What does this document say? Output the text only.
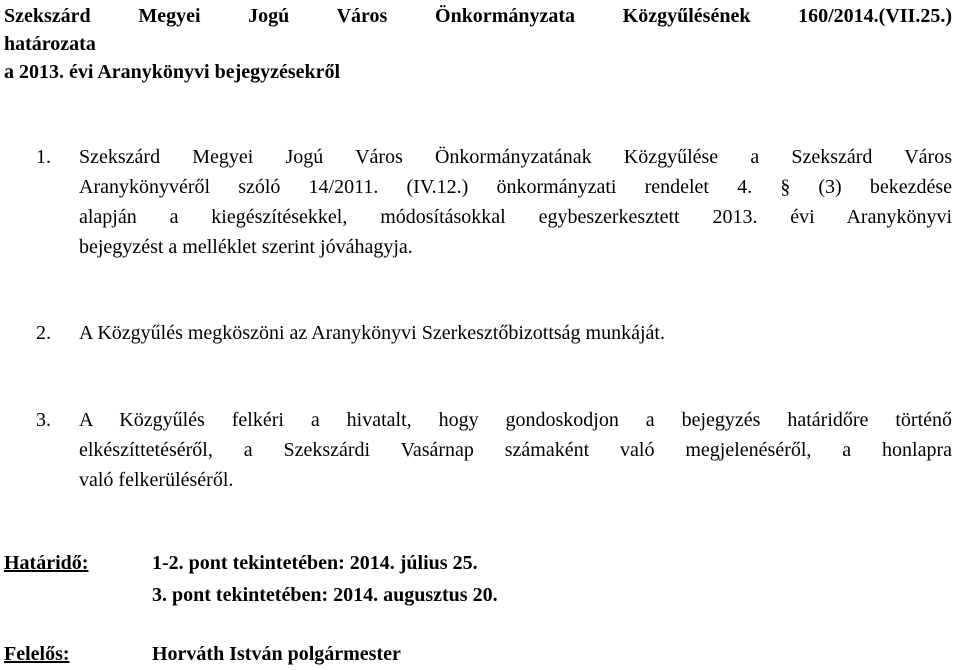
Szekszárd Megyei Jogú Város Önkormányzata Közgyűlésének 160/2014.(VII.25.)
határozata
a 2013. évi Aranykönyvi bejegyzésekről
1. Szekszárd Megyei Jogú Város Önkormányzatának Közgyűlése a Szekszárd Város
Aranykönyvéről szóló 14/2011. (IV.12.) önkormányzati rendelet 4. § (3) bekezdése
alapján a kiegészítésekkel, módosításokkal egybeszerkesztett 2013. évi Aranykönyvi
bejegyzést a melléklet szerint jóváhagyja.
2. A Közgyűlés megköszöni az Aranykönyvi Szerkesztőbizottság munkáját.
3. A Közgyűlés felkéri a hivatalt, hogy gondoskodjon a bejegyzés határidőre történő
elkészíttetéséről, a Szekszárdi Vasárnap számaként való megjelenéséről, a honlapra
való felkerüléséről.
Határidő:	1-2. pont tekintetében: 2014. július 25.
3. pont tekintetében: 2014. augusztus 20.
Felelős:	Horváth István polgármester
